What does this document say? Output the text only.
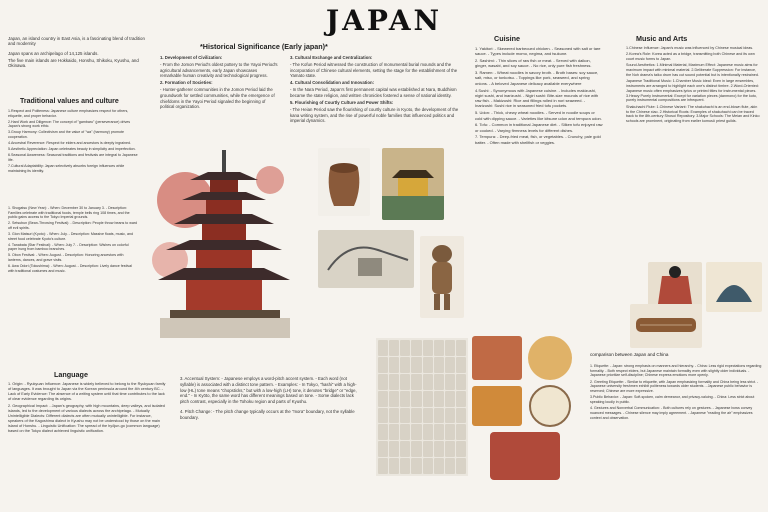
JAPAN
Japan, an island country in East Asia, is a fascinating blend of tradition and modernity
Japan spans an archipelago of 14,125 islands.
The five main islands are Hokkaido, Honshu, Shikoku, Kyushu, and Okinawa.
Traditional values and culture
1.Respect and Politeness: Japanese culture emphasizes respect for others, etiquette, and proper behavior.
2.Hard Work and Diligence: The concept of "gambaru" (perseverance) drives Japan's strong work ethic.
3.Group Harmony: Collectivism and the value of "wa" (harmony) promote cooperation.
4.Ancestral Reverence: Respect for elders and ancestors is deeply ingrained.
5.Aesthetic Appreciation: Japan celebrates beauty in simplicity and imperfection.
6.Seasonal Awareness: Seasonal traditions and festivals are integral to Japanese life.
7.Cultural Adaptability: Japan selectively absorbs foreign influences while maintaining its identity.
1. Shogatsu (New Year): - When: December 30 to January 3. - Description: Families celebrate with traditional foods, temple bells ring 108 times, and the public gains access to the Tokyo Imperial grounds.
2. Setsubun (Bean-Throwing Festival): - Description: People throw beans to ward off evil spirits.
3. Gion Matsuri (Kyoto): - When: July. - Description: Massive floats, music, and street food celebrate Kyoto's culture.
4. Tanabata (Star Festival): - When: July 7. - Description: Wishes on colorful paper hung from bamboo branches.
5. Obon Festival: - When: August. - Description: Honoring ancestors with lanterns, dances, and grave visits.
6. Awa Odori (Tokushima): - When: August. - Description: Lively dance festival with traditional costumes and music.
*Historical Significance (Early japan)*
1. Development of Civilization:
- From the Jomon Period's oldest pottery to the Yayoi Period's agricultural advancements, early Japan showcases remarkable human creativity and technological progress.
2. Formation of Societies:
- Hunter-gatherer communities in the Jomon Period laid the groundwork for settled communities, while the emergence of chiefdoms in the Yayoi Period signaled the beginning of political organization.
3. Cultural Exchange and Centralization:
- The Kofun Period witnessed the construction of monumental burial mounds and the incorporation of Chinese cultural elements, setting the stage for the establishment of the Yamato state.
4. Cultural Consolidation and Innovation:
- In the Nara Period, Japan's first permanent capital was established at Nara, Buddhism became the state religion, and written chronicles fostered a sense of national identity.
5. Flourishing of Courtly Culture and Power Shifts:
- The Heian Period saw the flourishing of courtly culture in Kyoto, the development of the kana writing system, and the rise of powerful noble families that influenced politics and imperial dynamics.
Cuisine
1. Yakitori: - Skewered barbecued chicken. - Seasoned with salt or tare sauce. - Types include momo, negima, and tsukune.
2. Sashimi: - Thin slices of raw fish or meat. - Served with daikon, ginger, wasabi, and soy sauce. - No rice, only pure fish freshness.
3. Ramen: - Wheat noodles in savory broth. - Broth bases: soy sauce, salt, miso, or tonkotsu. - Toppings like pork, seaweed, and spring onions. - A beloved Japanese delicacy available everywhere
4.Sushi: - Synonymous with Japanese cuisine. - Includes makizushi, nigiri sushi, and inarizushi. - Nigiri sushi: Bite-size mounds of rice with raw fish. - Makizushi: Rice and fillings rolled in nori seaweed. - Inarizushi: Sushi rice in seasoned fried tofu pockets.
5. Udon: - Thick, chewy wheat noodles. - Served in noodle soups or cold with dipping sauce. - Varieties like kitsune udon and tempura udon.
6. Tofu: - Common in traditional Japanese diet. - Silken tofu enjoyed raw or cooked. - Varying firmness levels for different dishes.
7. Tempura: - Deep-fried meat, fish, or vegetables. - Crunchy, pale gold batter. - Often made with shellfish or veggies.
Music and Arts
1.Chinese Influence: Japan's music was influenced by Chinese musical ideas.
2.Korea's Role: Korea acted as a bridge, transmitting both Chinese and its own court music forms to Japan.
Sound Aesthetics: 1.Minimal Material, Maximum Effect: Japanese music aims for maximum impact with minimal material. 2.Deliberate Suppression: For instance, the Noh drama's taiko drum has cut sound potential but is intentionally restrained.
Japanese Traditional Music: 1.Chamber Music Ideal: Even in large ensembles, instruments are arranged to highlight each one's distinct timbre. 2.Word-Oriented: Japanese music often emphasizes lyrics or printed titles for instrumental pieces. 3.Heavy Purely Instrumental: Except for variation pieces (danmono) for the koto, purely instrumental compositions are infrequent.
Shakuhachi Flute: 1.Chinese Variant: The shakuhachi is an end-blown flute, akin to the Chinese xiao. 2.Historical Roots: Examples of shakuhachi can be traced back to the 8th-century Shosoi Repository. 3.Major Schools: The Meian and Kinko schools are prominent, originating from earlier komusō priest guilds.
Language
1. Origin: - Ryukyuan Influence: Japanese is widely believed to belong to the Ryukyuan family of languages. It was brought to Japan via the Korean peninsula around the 4th century BC. - Lack of Early Evidence: The absence of a writing system until that time contributes to the lack of clear evidence regarding its origins.
2. Geographical Impact: - Japan's geography, with high mountains, deep valleys, and isolated islands, led to the development of various dialects across the archipelago. - Mutually Unintelligible Dialects: Different dialects are often mutually unintelligible. For instance, speakers of the Kagoshima dialect in Kyushu may not be understood by those on the main island of Honshu. - Linguistic Unification: The spread of the hyōjun-go (common language) based on the Tokyo dialect achieved linguistic unification.
3. Accentual System: - Japanese employs a word-pitch accent system. - Each word (not syllable) is associated with a distinct tone pattern. - Examples: - In Tokyo, "hashi" with a high-low (HL) tone means "chopsticks," but with a low-high (LH) tone, it denotes "bridge" or "edge, end." - In Kyōto, the same word has different meanings based on tone. - Some dialects lack pitch contrast, especially in the Tohoku region and parts of Kyushu.
4. Pitch Change: - The pitch change typically occurs at the "mora" boundary, not the syllable boundary.
comparison between Japan and China
1. Etiquette: - Japan: strong emphasis on manners and hierarchy. - China: Less rigid expectations regarding formality. - Both respect elders, but Japanese maintain formality even with slightly older individuals. - Japanese prioritize self-discipline; Chinese express emotions more openly.
2. Greeting Etiquette: - Similar to etiquette, with Japan emphasizing formality and China being less strict. - Japanese university freshmen exhibit politeness towards older students. - Japanese public behavior is reserved; Chinese are more expressive.
3.Public Behavior: - Japan: Soft-spoken, calm demeanor, and privacy-valuing. - China: Less strict about speaking loudly in public.
4. Gestures and Nonverbal Communication: - Both cultures rely on gestures. - Japanese bows convey nuanced messages. - Chinese silence may imply agreement. - Japanese "reading the air" emphasizes context and observation.
